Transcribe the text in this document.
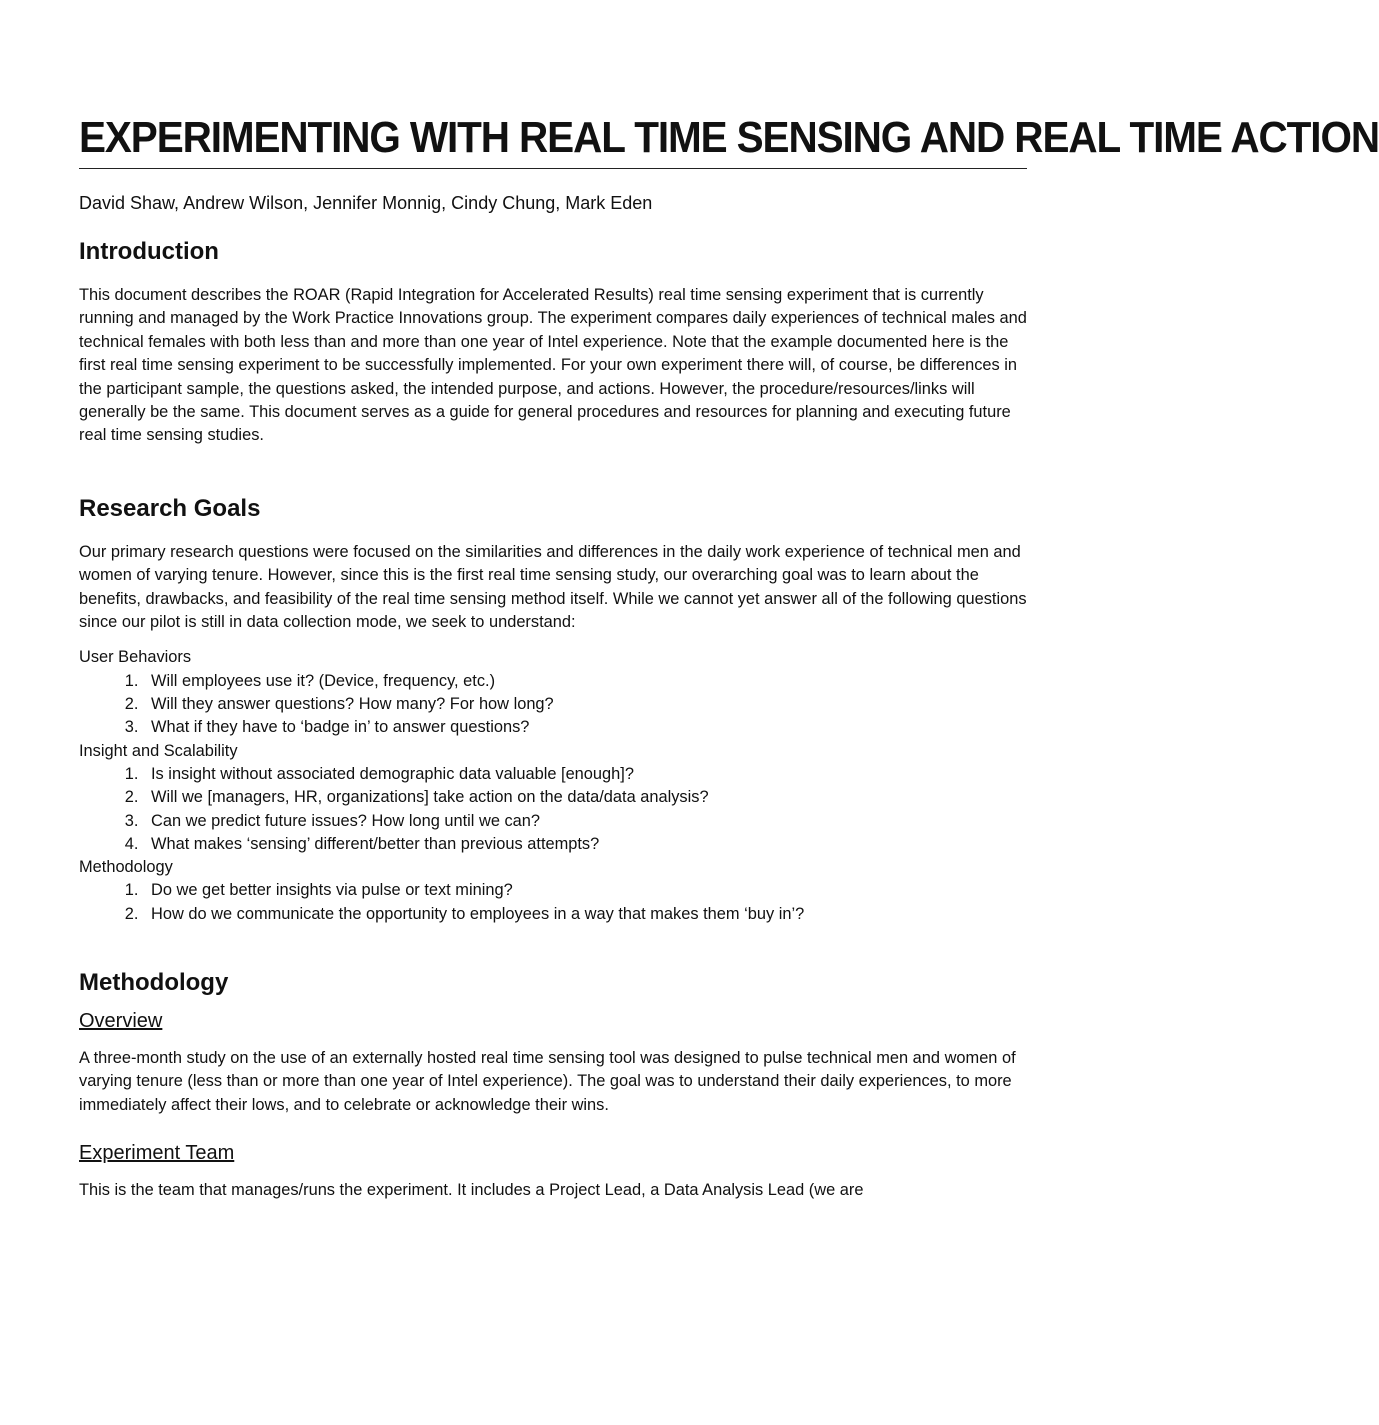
EXPERIMENTING WITH REAL TIME SENSING AND REAL TIME ACTION

David Shaw, Andrew Wilson, Jennifer Monnig, Cindy Chung, Mark Eden

Introduction

This document describes the ROAR (Rapid Integration for Accelerated Results) real time sensing experiment that is currently running and managed by the Work Practice Innovations group. The experiment compares daily experiences of technical males and technical females with both less than and more than one year of Intel experience. Note that the example documented here is the first real time sensing experiment to be successfully implemented. For your own experiment there will, of course, be differences in the participant sample, the questions asked, the intended purpose, and actions. However, the procedure/resources/links will generally be the same. This document serves as a guide for general procedures and resources for planning and executing future real time sensing studies.

Research Goals

Our primary research questions were focused on the similarities and differences in the daily work experience of technical men and women of varying tenure. However, since this is the first real time sensing study, our overarching goal was to learn about the benefits, drawbacks, and feasibility of the real time sensing method itself. While we cannot yet answer all of the following questions since our pilot is still in data collection mode, we seek to understand:

User Behaviors

1. Will employees use it? (Device, frequency, etc.)
2. Will they answer questions? How many? For how long?
3. What if they have to ‘badge in’ to answer questions?

Insight and Scalability

1. Is insight without associated demographic data valuable [enough]?
2. Will we [managers, HR, organizations] take action on the data/data analysis?
3. Can we predict future issues? How long until we can?
4. What makes ‘sensing’ different/better than previous attempts?

Methodology

1. Do we get better insights via pulse or text mining?
2. How do we communicate the opportunity to employees in a way that makes them ‘buy in’?
Methodology
Overview

A three-month study on the use of an externally hosted real time sensing tool was designed to pulse technical men and women of varying tenure (less than or more than one year of Intel experience). The goal was to understand their daily experiences, to more immediately affect their lows, and to celebrate or acknowledge their wins.

Experiment Team

This is the team that manages/runs the experiment. It includes a Project Lead, a Data Analysis Lead (we are
